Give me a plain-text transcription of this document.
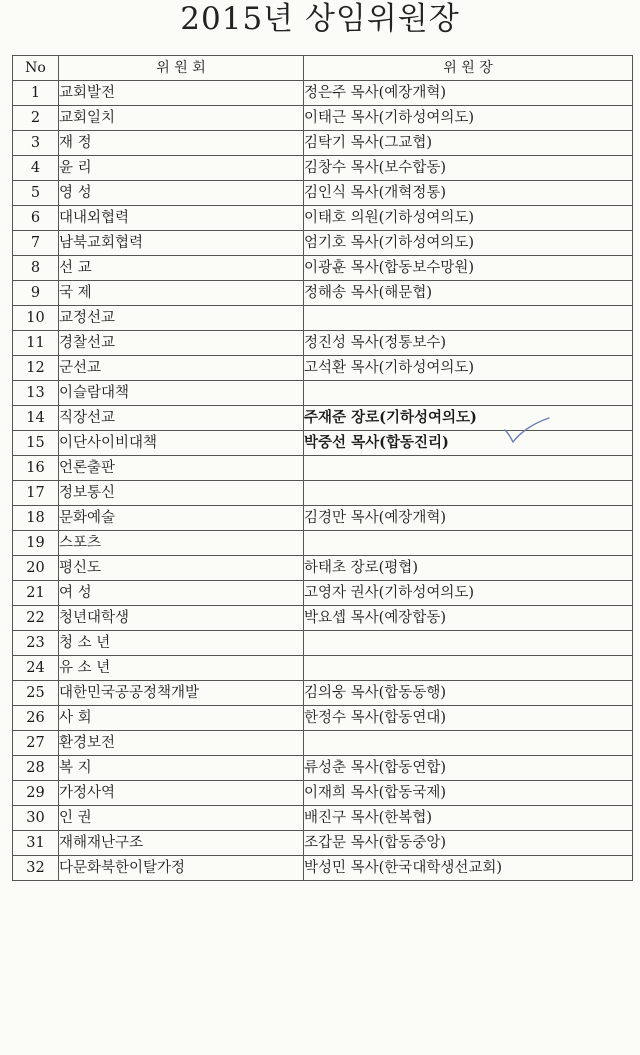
2015년 상임위원장
No	위 원 회	위 원 장
1	교회발전	정은주 목사(예장개혁)
2	교회일치	이태근 목사(기하성여의도)
3	재 정	김탁기 목사(그교협)
4	윤 리	김창수 목사(보수합동)
5	영 성	김인식 목사(개혁정통)
6	대내외협력	이태호 의원(기하성여의도)
7	남북교회협력	엄기호 목사(기하성여의도)
8	선 교	이광훈 목사(합동보수망원)
9	국 제	정해송 목사(해문협)
10	교정선교	
11	경찰선교	정진성 목사(정통보수)
12	군선교	고석환 목사(기하성여의도)
13	이슬람대책	
14	직장선교	주재준 장로(기하성여의도)
15	이단사이비대책	박중선 목사(합동진리)
16	언론출판	
17	정보통신	
18	문화예술	김경만 목사(예장개혁)
19	스포츠	
20	평신도	하태초 장로(평협)
21	여 성	고영자 권사(기하성여의도)
22	청년대학생	박요셉 목사(예장합동)
23	청 소 년	
24	유 소 년	
25	대한민국공공정책개발	김의웅 목사(합동동행)
26	사 회	한정수 목사(합동연대)
27	환경보전	
28	복 지	류성춘 목사(합동연합)
29	가정사역	이재희 목사(합동국제)
30	인 권	배진구 목사(한복협)
31	재해재난구조	조갑문 목사(합동중앙)
32	다문화북한이탈가정	박성민 목사(한국대학생선교회)
